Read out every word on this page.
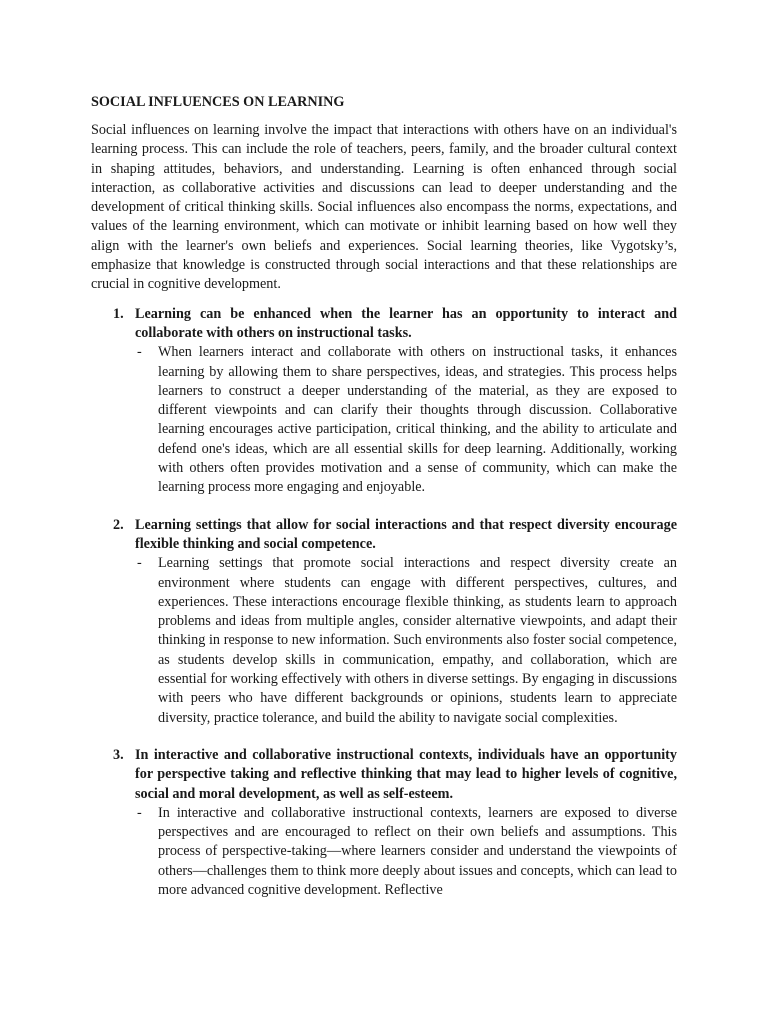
SOCIAL INFLUENCES ON LEARNING

Social influences on learning involve the impact that interactions with others have on an individual's learning process. This can include the role of teachers, peers, family, and the broader cultural context in shaping attitudes, behaviors, and understanding. Learning is often enhanced through social interaction, as collaborative activities and discussions can lead to deeper understanding and the development of critical thinking skills. Social influences also encompass the norms, expectations, and values of the learning environment, which can motivate or inhibit learning based on how well they align with the learner's own beliefs and experiences. Social learning theories, like Vygotsky’s, emphasize that knowledge is constructed through social interactions and that these relationships are crucial in cognitive development.

1. Learning can be enhanced when the learner has an opportunity to interact and collaborate with others on instructional tasks.

- When learners interact and collaborate with others on instructional tasks, it enhances learning by allowing them to share perspectives, ideas, and strategies. This process helps learners to construct a deeper understanding of the material, as they are exposed to different viewpoints and can clarify their thoughts through discussion. Collaborative learning encourages active participation, critical thinking, and the ability to articulate and defend one's ideas, which are all essential skills for deep learning. Additionally, working with others often provides motivation and a sense of community, which can make the learning process more engaging and enjoyable.

2. Learning settings that allow for social interactions and that respect diversity encourage flexible thinking and social competence.

- Learning settings that promote social interactions and respect diversity create an environment where students can engage with different perspectives, cultures, and experiences. These interactions encourage flexible thinking, as students learn to approach problems and ideas from multiple angles, consider alternative viewpoints, and adapt their thinking in response to new information. Such environments also foster social competence, as students develop skills in communication, empathy, and collaboration, which are essential for working effectively with others in diverse settings. By engaging in discussions with peers who have different backgrounds or opinions, students learn to appreciate diversity, practice tolerance, and build the ability to navigate social complexities.

3. In interactive and collaborative instructional contexts, individuals have an opportunity for perspective taking and reflective thinking that may lead to higher levels of cognitive, social and moral development, as well as self-esteem.

- In interactive and collaborative instructional contexts, learners are exposed to diverse perspectives and are encouraged to reflect on their own beliefs and assumptions. This process of perspective-taking—where learners consider and understand the viewpoints of others—challenges them to think more deeply about issues and concepts, which can lead to more advanced cognitive development. Reflective
